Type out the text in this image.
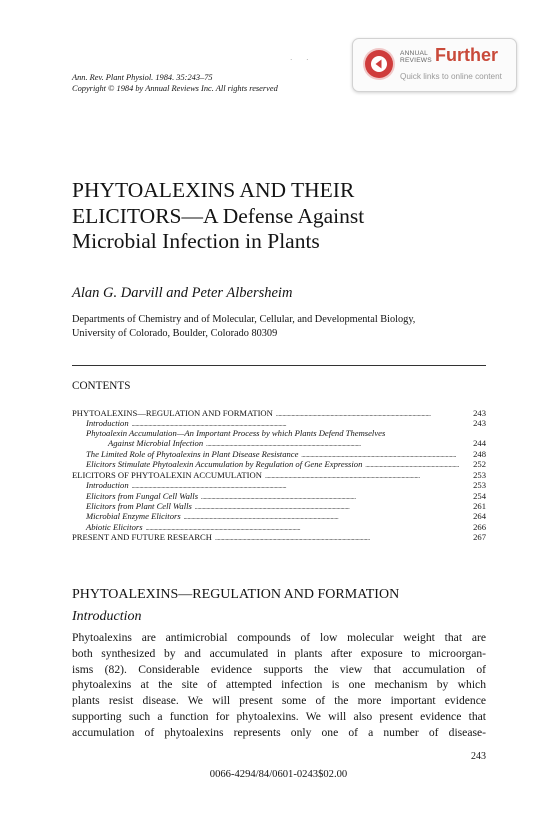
· ·
Ann. Rev. Plant Physiol. 1984. 35:243–75
Copyright © 1984 by Annual Reviews Inc. All rights reserved
ANNUAL
REVIEWS Further
Quick links to online content
PHYTOALEXINS AND THEIR
ELICITORS—A Defense Against
Microbial Infection in Plants
Alan G. Darvill and Peter Albersheim
Departments of Chemistry and of Molecular, Cellular, and Developmental Biology,
University of Colorado, Boulder, Colorado 80309
CONTENTS
PHYTOALEXINS—REGULATION AND FORMATION . . .	243
Introduction . . .	243
Phytoalexin Accumulation—An Important Process by which Plants Defend Themselves
Against Microbial Infection . . .	244
The Limited Role of Phytoalexins in Plant Disease Resistance . . .	248
Elicitors Stimulate Phytoalexin Accumulation by Regulation of Gene Expression . . .	252
ELICITORS OF PHYTOALEXIN ACCUMULATION . . .	253
Introduction . . .	253
Elicitors from Fungal Cell Walls . . .	254
Elicitors from Plant Cell Walls . . .	261
Microbial Enzyme Elicitors . . .	264
Abiotic Elicitors . . .	266
PRESENT AND FUTURE RESEARCH . . .	267
PHYTOALEXINS—REGULATION AND FORMATION
Introduction
Phytoalexins are antimicrobial compounds of low molecular weight that are
both synthesized by and accumulated in plants after exposure to microorgan-
isms (82). Considerable evidence supports the view that accumulation of
phytoalexins at the site of attempted infection is one mechanism by which
plants resist disease. We will present some of the more important evidence
supporting such a function for phytoalexins. We will also present evidence that
accumulation of phytoalexins represents only one of a number of disease-
243
0066-4294/84/0601-0243$02.00
